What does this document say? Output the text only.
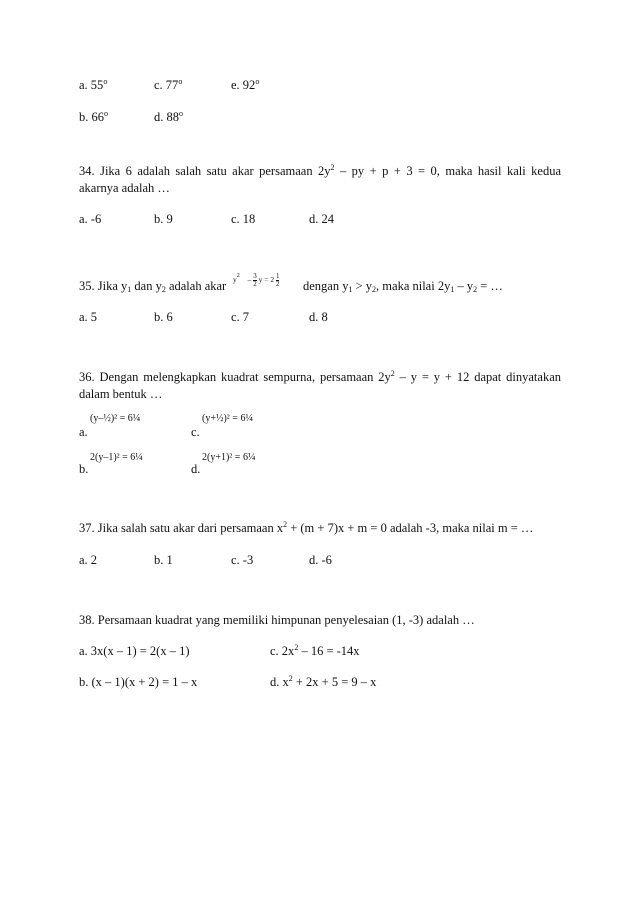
a. 55$^o$	c. 77$^o$	e. 92$^o$
b. 66$^o$	d. 88$^o$
34. Jika 6 adalah salah satu akar persamaan $2y^2$ – py + p + 3 = 0, maka hasil kali kedua
akarnya adalah …
a. -6	b. 9	c. 18	d. 24
35. Jika $y_1$ dan $y_2$ adalah akar $y^2 - \frac{3}{2}$ $y = 2 \frac{1}{2}$ dengan $y_1 > y_2$, maka nilai $2y_1 - y_2$ = …
a. 5	b. 6	c. 7	d. 8
36. Dengan melengkapkan kuadrat sempurna, persamaan $2y^2 - y = y + 12$ dapat dinyatakan
dalam bentuk …
a.
(y–½)² = 6¼
c.
(y+½)² = 6¼
b.
2(y–1)² = 6¼
d.
2(y+1)² = 6¼
37. Jika salah satu akar dari persamaan $x^2 + (m + 7)x + m = 0$ adalah -3, maka nilai m = …
a. 2	b. 1	c. -3	d. -6
38. Persamaan kuadrat yang memiliki himpunan penyelesaian (1, -3) adalah …
a. 3x(x – 1) = 2(x – 1)	c. $2x^2 - 16 = -14x$
b. (x – 1)(x + 2) = 1 – x	d. $x^2 + 2x + 5 = 9 - x$
